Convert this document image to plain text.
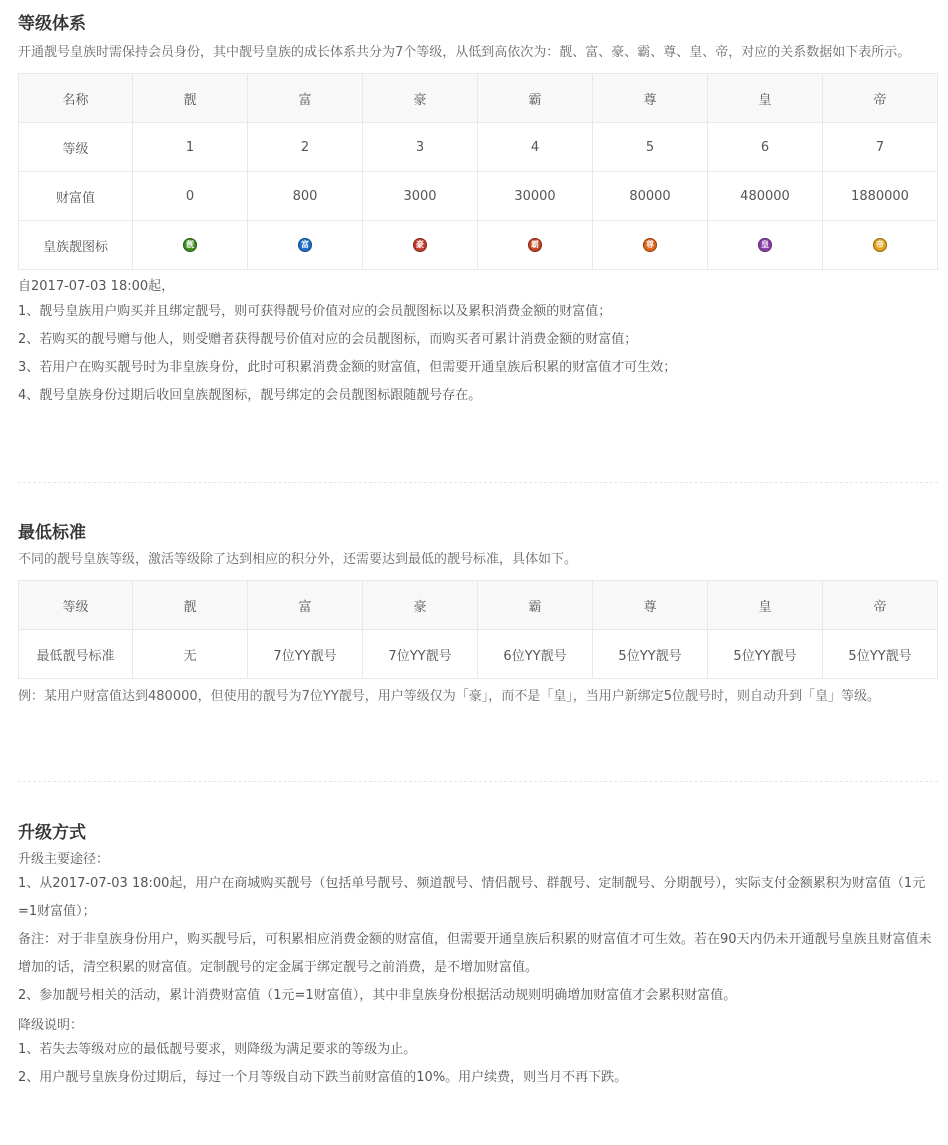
等级体系
开通靓号皇族时需保持会员身份，其中靓号皇族的成长体系共分为7个等级，从低到高依次为：靓、富、豪、霸、尊、皇、帝，对应的关系数据如下表所示。
名称	靓	富	豪	霸	尊	皇	帝
等级	1	2	3	4	5	6	7
财富值	0	800	3000	30000	80000	480000	1880000
皇族靓图标	靓	富	豪	霸	尊	皇	帝

自2017-07-03 18:00起，

1、靓号皇族用户购买并且绑定靓号，则可获得靓号价值对应的会员靓图标以及累积消费金额的财富值；

2、若购买的靓号赠与他人，则受赠者获得靓号价值对应的会员靓图标，而购买者可累计消费金额的财富值；

3、若用户在购买靓号时为非皇族身份，此时可积累消费金额的财富值，但需要开通皇族后积累的财富值才可生效；

4、靓号皇族身份过期后收回皇族靓图标，靓号绑定的会员靓图标跟随靓号存在。

最低标准
不同的靓号皇族等级，激活等级除了达到相应的积分外，还需要达到最低的靓号标准，具体如下。
等级	靓	富	豪	霸	尊	皇	帝
最低靓号标准	无	7位YY靓号	7位YY靓号	6位YY靓号	5位YY靓号	5位YY靓号	5位YY靓号
例：某用户财富值达到480000，但使用的靓号为7位YY靓号，用户等级仅为「豪」，而不是「皇」，当用户新绑定5位靓号时，则自动升到「皇」等级。
升级方式

升级主要途径：

1、从2017-07-03 18:00起，用户在商城购买靓号（包括单号靓号、频道靓号、情侣靓号、群靓号、定制靓号、分期靓号），实际支付金额累积为财富值（1元=1财富值）；

备注：对于非皇族身份用户，购买靓号后，可积累相应消费金额的财富值，但需要开通皇族后积累的财富值才可生效。若在90天内仍未开通靓号皇族且财富值未增加的话，清空积累的财富值。定制靓号的定金属于绑定靓号之前消费，是不增加财富值。

2、参加靓号相关的活动，累计消费财富值（1元=1财富值），其中非皇族身份根据活动规则明确增加财富值才会累积财富值。

降级说明：

1、若失去等级对应的最低靓号要求，则降级为满足要求的等级为止。

2、用户靓号皇族身份过期后，每过一个月等级自动下跌当前财富值的10%。用户续费，则当月不再下跌。
